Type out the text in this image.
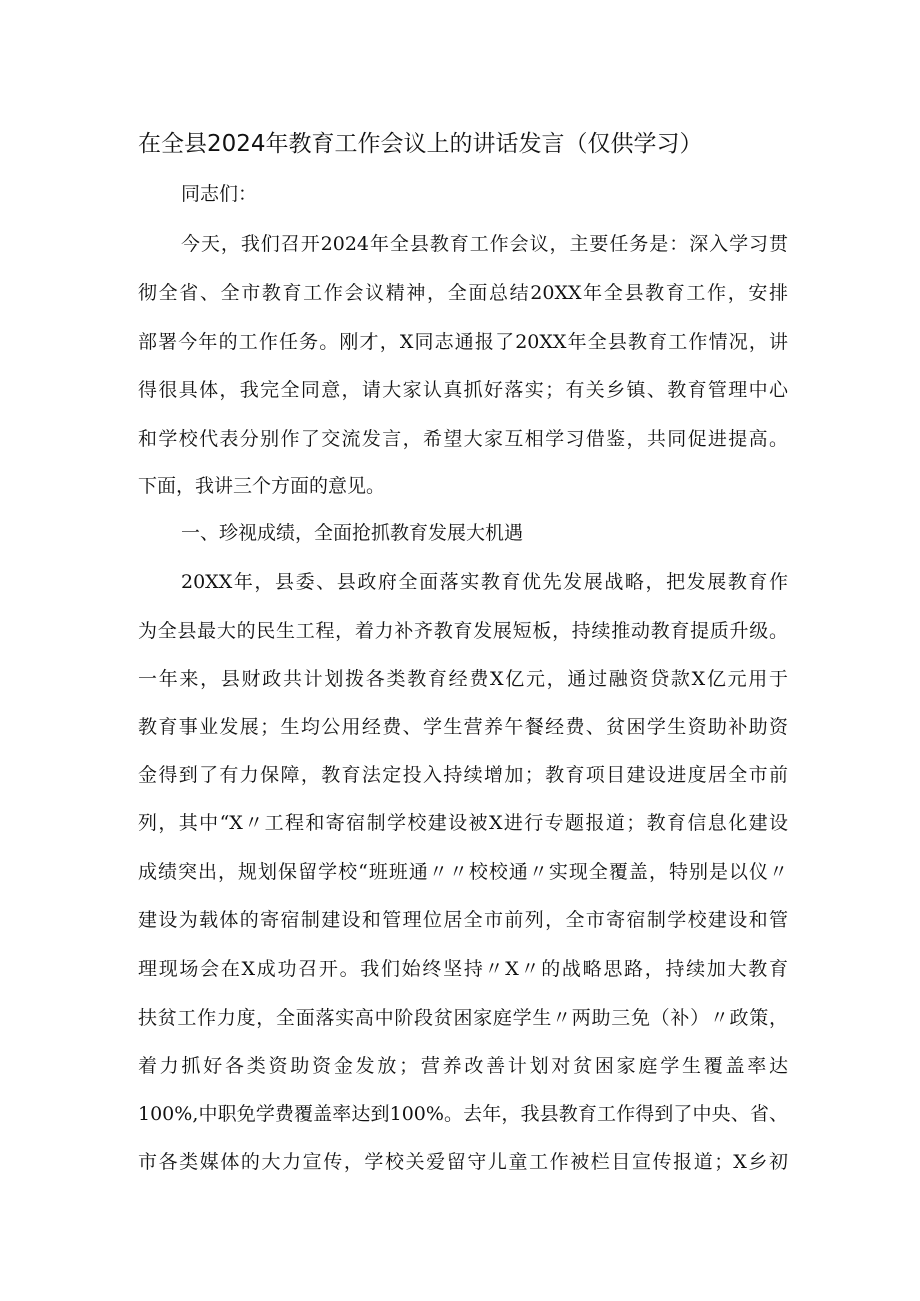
在全县2024年教育工作会议上的讲话发言（仅供学习）
同志们：
今天，我们召开2024年全县教育工作会议，主要任务是：深入学习贯
彻全省、全市教育工作会议精神，全面总结20XX年全县教育工作，安排
部署今年的工作任务。刚才，X同志通报了20XX年全县教育工作情况，讲
得很具体，我完全同意，请大家认真抓好落实；有关乡镇、教育管理中心
和学校代表分别作了交流发言，希望大家互相学习借鉴，共同促进提高。
下面，我讲三个方面的意见。
一、珍视成绩，全面抢抓教育发展大机遇
20XX年，县委、县政府全面落实教育优先发展战略，把发展教育作
为全县最大的民生工程，着力补齐教育发展短板，持续推动教育提质升级。
一年来，县财政共计划拨各类教育经费X亿元，通过融资贷款X亿元用于
教育事业发展；生均公用经费、学生营养午餐经费、贫困学生资助补助资
金得到了有力保障，教育法定投入持续增加；教育项目建设进度居全市前
列，其中“X〃工程和寄宿制学校建设被X进行专题报道；教育信息化建设
成绩突出，规划保留学校“班班通〃〃校校通〃实现全覆盖，特别是以仪〃
建设为载体的寄宿制建设和管理位居全市前列，全市寄宿制学校建设和管
理现场会在X成功召开。我们始终坚持〃X〃的战略思路，持续加大教育
扶贫工作力度，全面落实高中阶段贫困家庭学生〃两助三免（补）〃政策，
着力抓好各类资助资金发放；营养改善计划对贫困家庭学生覆盖率达
100%,中职免学费覆盖率达到100%。去年，我县教育工作得到了中央、省、
市各类媒体的大力宣传，学校关爱留守儿童工作被栏目宣传报道；X乡初
